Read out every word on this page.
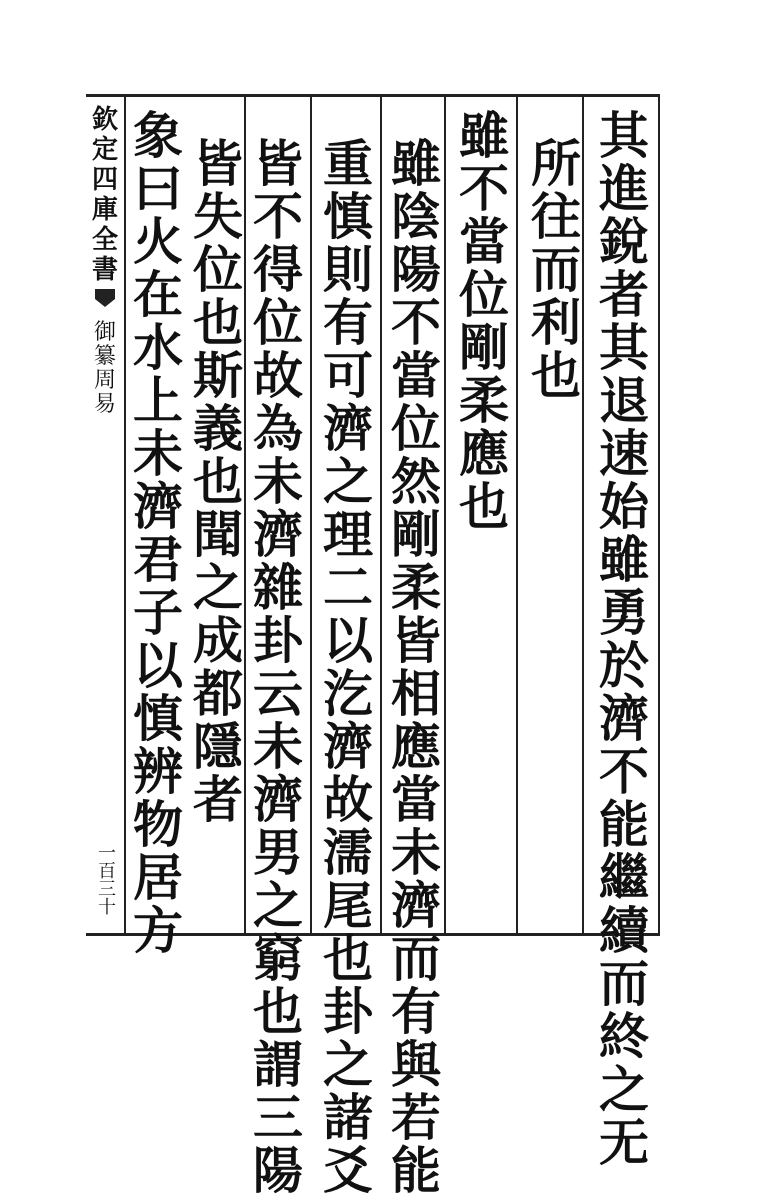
欽
定
四
庫
全
書
御
纂
周
易
一百三十
其
進
銳
者
其
退
速
始
雖
勇
於
濟
不
能
繼
續
而
終
之
无
所
往
而
利
也
雖
不
當
位
剛
柔
應
也
雖
陰
陽
不
當
位
然
剛
柔
皆
相
應
當
未
濟
而
有
與
若
能
重
慎
則
有
可
濟
之
理
二
以
汔
濟
故
濡
尾
也
卦
之
諸
爻
皆
不
得
位
故
為
未
濟
雜
卦
云
未
濟
男
之
窮
也
謂
三
陽
皆
失
位
也
斯
義
也
聞
之
成
都
隱
者
象
曰
火
在
水
上
未
濟
君
子
以
慎
辨
物
居
方
